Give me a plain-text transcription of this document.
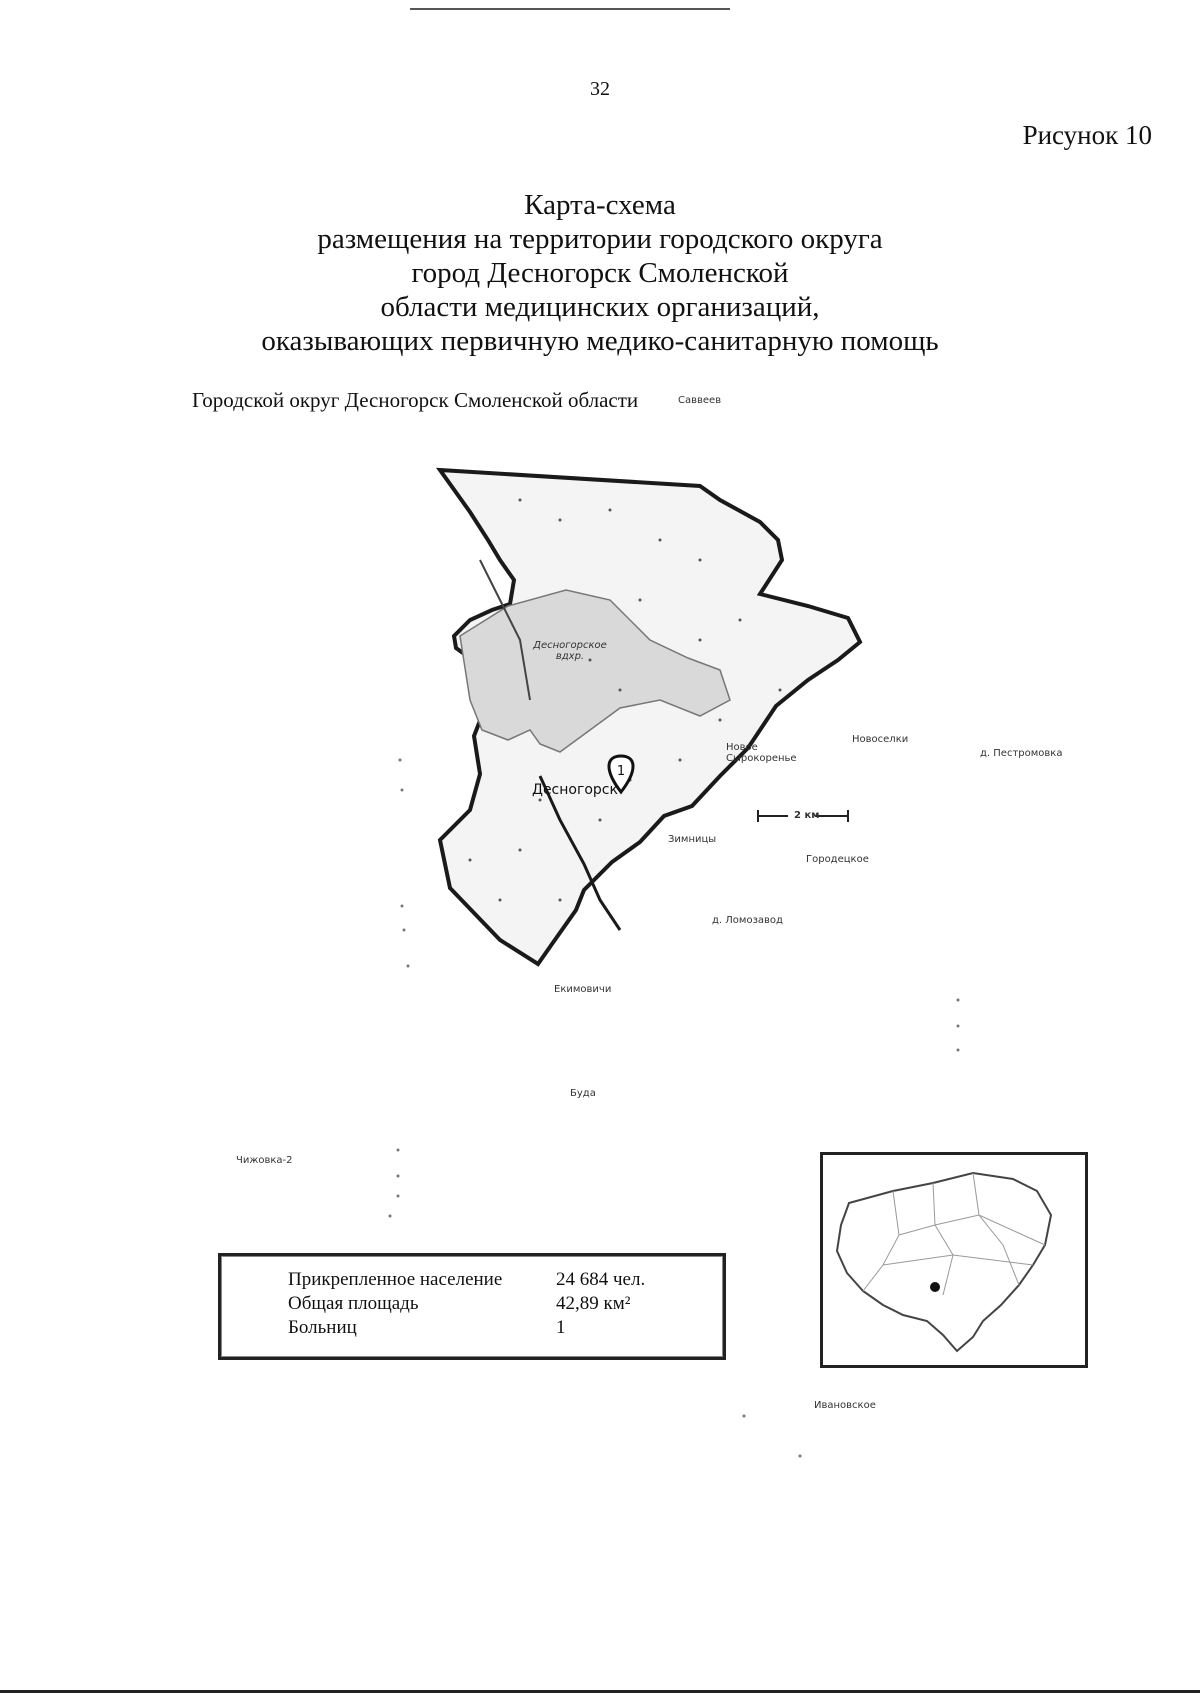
32
Рисунок 10
Карта-схема
размещения на территории городского округа
город Десногорск Смоленской
области медицинских организаций,
оказывающих первичную медико-санитарную помощь
Городской округ Десногорск Смоленской области
1
Саввеев
Десногорское вдхр.
Новоселки
д. Пестромовка
Новое Сырокоренье
Десногорск
2 км
Зимницы
Городецкое
д. Ломозавод
Екимовичи
Буда
Чижовка-2
Ивановское
Прикрепленное население	24 684 чел.
Общая площадь	42,89 км²
Больниц	1
